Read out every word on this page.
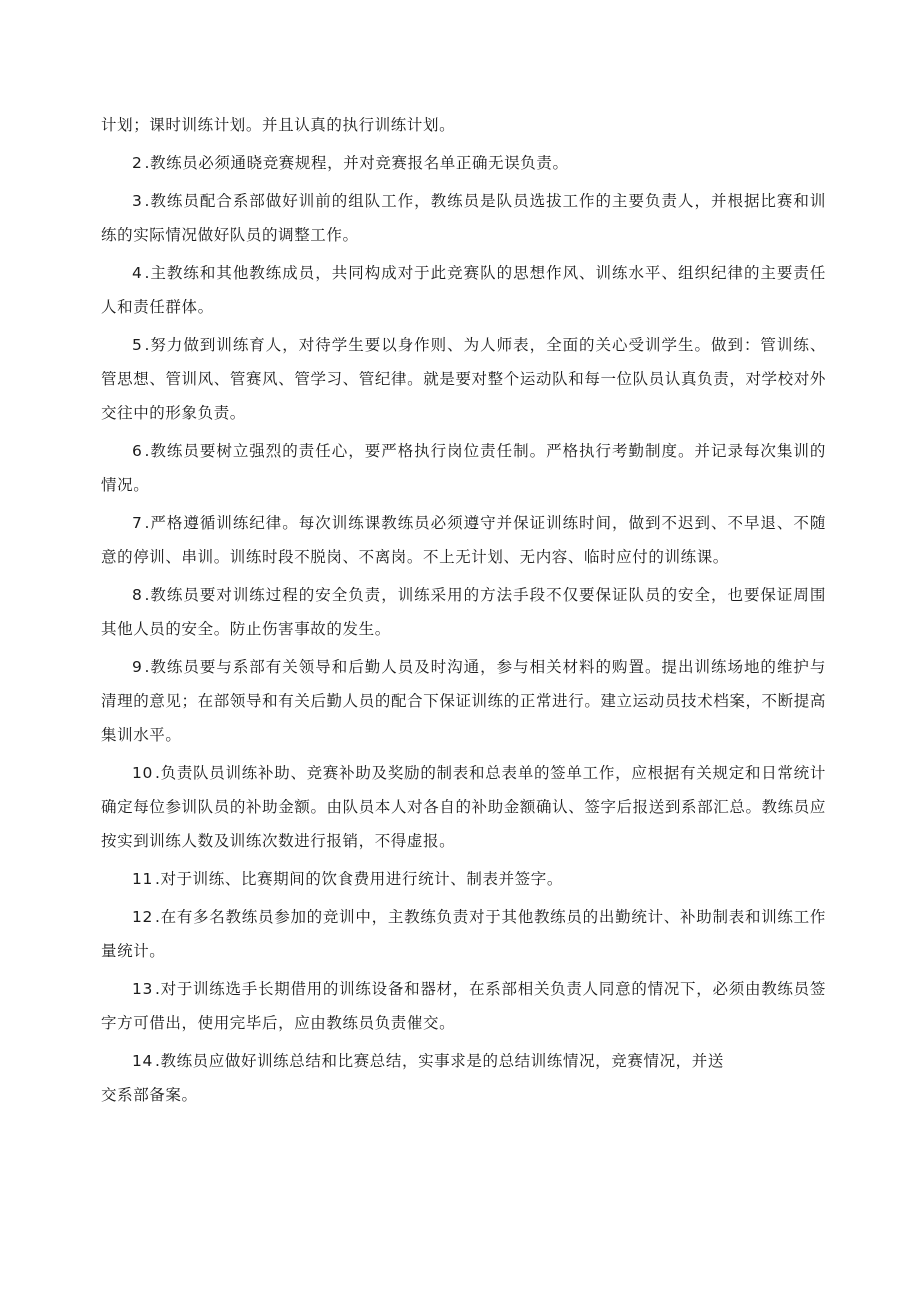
计划；课时训练计划。并且认真的执行训练计划。

2 .教练员必须通晓竞赛规程，并对竞赛报名单正确无误负责。

3 .教练员配合系部做好训前的组队工作，教练员是队员选拔工作的主要负责人，并根据比赛和训练的实际情况做好队员的调整工作。

4 .主教练和其他教练成员，共同构成对于此竞赛队的思想作风、训练水平、组织纪律的主要责任人和责任群体。

5 .努力做到训练育人，对待学生要以身作则、为人师表，全面的关心受训学生。做到：管训练、管思想、管训风、管赛风、管学习、管纪律。就是要对整个运动队和每一位队员认真负责，对学校对外交往中的形象负责。

6 .教练员要树立强烈的责任心，要严格执行岗位责任制。严格执行考勤制度。并记录每次集训的情况。

7 .严格遵循训练纪律。每次训练课教练员必须遵守并保证训练时间，做到不迟到、不早退、不随意的停训、串训。训练时段不脱岗、不离岗。不上无计划、无内容、临时应付的训练课。

8 .教练员要对训练过程的安全负责，训练采用的方法手段不仅要保证队员的安全，也要保证周围其他人员的安全。防止伤害事故的发生。

9 .教练员要与系部有关领导和后勤人员及时沟通，参与相关材料的购置。提出训练场地的维护与清理的意见；在部领导和有关后勤人员的配合下保证训练的正常进行。建立运动员技术档案，不断提高集训水平。

10 .负责队员训练补助、竞赛补助及奖励的制表和总表单的签单工作，应根据有关规定和日常统计确定每位参训队员的补助金额。由队员本人对各自的补助金额确认、签字后报送到系部汇总。教练员应按实到训练人数及训练次数进行报销，不得虚报。

11 .对于训练、比赛期间的饮食费用进行统计、制表并签字。

12 .在有多名教练员参加的竞训中，主教练负责对于其他教练员的出勤统计、补助制表和训练工作量统计。

13 .对于训练选手长期借用的训练设备和器材，在系部相关负责人同意的情况下，必须由教练员签字方可借出，使用完毕后，应由教练员负责催交。

14 .教练员应做好训练总结和比赛总结，实事求是的总结训练情况，竞赛情况，并送

交系部备案。
